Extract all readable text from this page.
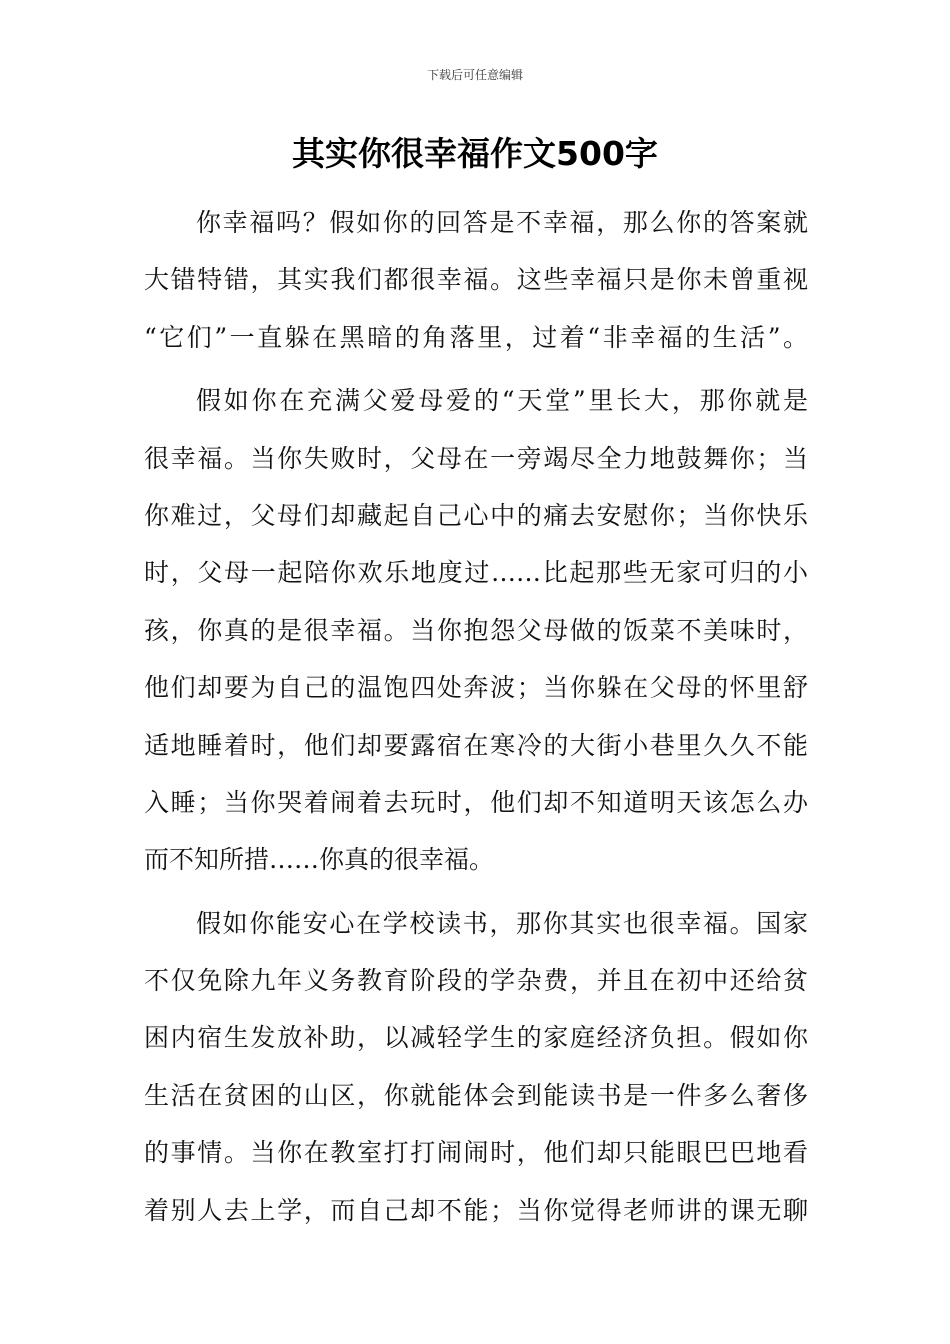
下载后可任意编辑
其实你很幸福作文500字
你幸福吗？假如你的回答是不幸福，那么你的答案就
大错特错，其实我们都很幸福。这些幸福只是你未曾重视
“它们”一直躲在黑暗的角落里，过着“非幸福的生活”。
假如你在充满父爱母爱的“天堂”里长大，那你就是
很幸福。当你失败时，父母在一旁竭尽全力地鼓舞你；当
你难过，父母们却藏起自己心中的痛去安慰你；当你快乐
时，父母一起陪你欢乐地度过……比起那些无家可归的小
孩，你真的是很幸福。当你抱怨父母做的饭菜不美味时，
他们却要为自己的温饱四处奔波；当你躲在父母的怀里舒
适地睡着时，他们却要露宿在寒冷的大街小巷里久久不能
入睡；当你哭着闹着去玩时，他们却不知道明天该怎么办
而不知所措……你真的很幸福。
假如你能安心在学校读书，那你其实也很幸福。国家
不仅免除九年义务教育阶段的学杂费，并且在初中还给贫
困内宿生发放补助，以减轻学生的家庭经济负担。假如你
生活在贫困的山区，你就能体会到能读书是一件多么奢侈
的事情。当你在教室打打闹闹时，他们却只能眼巴巴地看
着别人去上学，而自己却不能；当你觉得老师讲的课无聊
